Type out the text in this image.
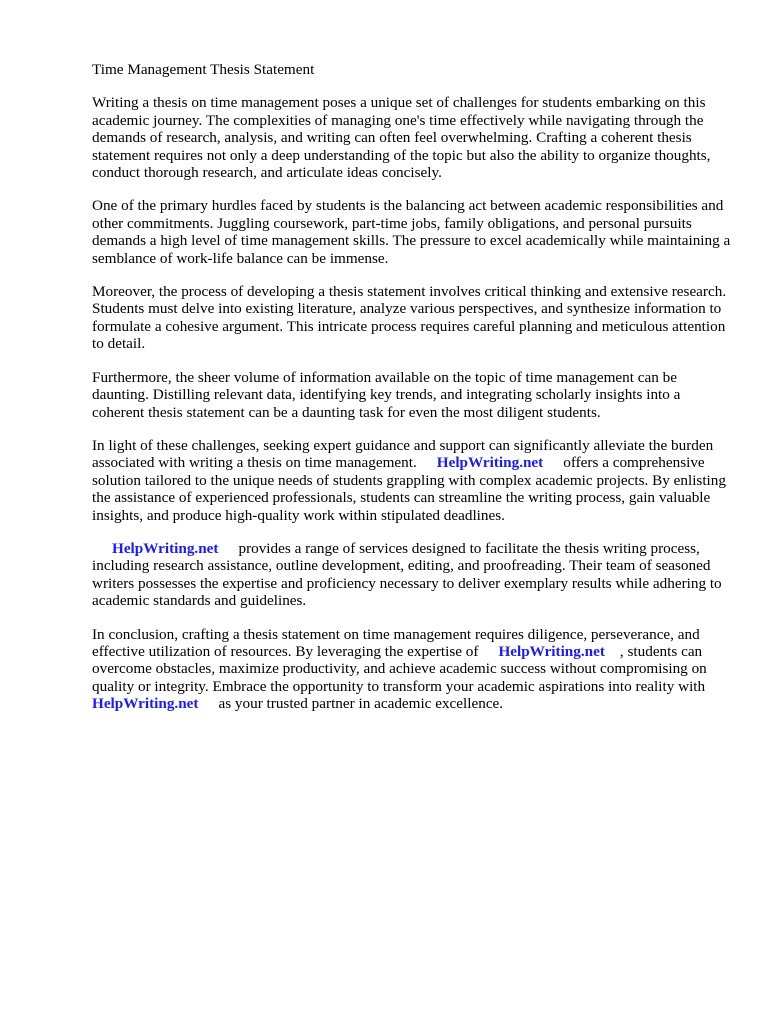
Time Management Thesis Statement

Writing a thesis on time management poses a unique set of challenges for students embarking on this academic journey. The complexities of managing one's time effectively while navigating through the demands of research, analysis, and writing can often feel overwhelming. Crafting a coherent thesis statement requires not only a deep understanding of the topic but also the ability to organize thoughts, conduct thorough research, and articulate ideas concisely.

One of the primary hurdles faced by students is the balancing act between academic responsibilities and other commitments. Juggling coursework, part-time jobs, family obligations, and personal pursuits demands a high level of time management skills. The pressure to excel academically while maintaining a semblance of work-life balance can be immense.

Moreover, the process of developing a thesis statement involves critical thinking and extensive research. Students must delve into existing literature, analyze various perspectives, and synthesize information to formulate a cohesive argument. This intricate process requires careful planning and meticulous attention to detail.

Furthermore, the sheer volume of information available on the topic of time management can be daunting. Distilling relevant data, identifying key trends, and integrating scholarly insights into a coherent thesis statement can be a daunting task for even the most diligent students.

In light of these challenges, seeking expert guidance and support can significantly alleviate the burden associated with writing a thesis on time management. HelpWriting.net offers a comprehensive solution tailored to the unique needs of students grappling with complex academic projects. By enlisting the assistance of experienced professionals, students can streamline the writing process, gain valuable insights, and produce high-quality work within stipulated deadlines.

HelpWriting.net provides a range of services designed to facilitate the thesis writing process, including research assistance, outline development, editing, and proofreading. Their team of seasoned writers possesses the expertise and proficiency necessary to deliver exemplary results while adhering to academic standards and guidelines.

In conclusion, crafting a thesis statement on time management requires diligence, perseverance, and effective utilization of resources. By leveraging the expertise of HelpWriting.net , students can overcome obstacles, maximize productivity, and achieve academic success without compromising on quality or integrity. Embrace the opportunity to transform your academic aspirations into reality withHelpWriting.net as your trusted partner in academic excellence.
